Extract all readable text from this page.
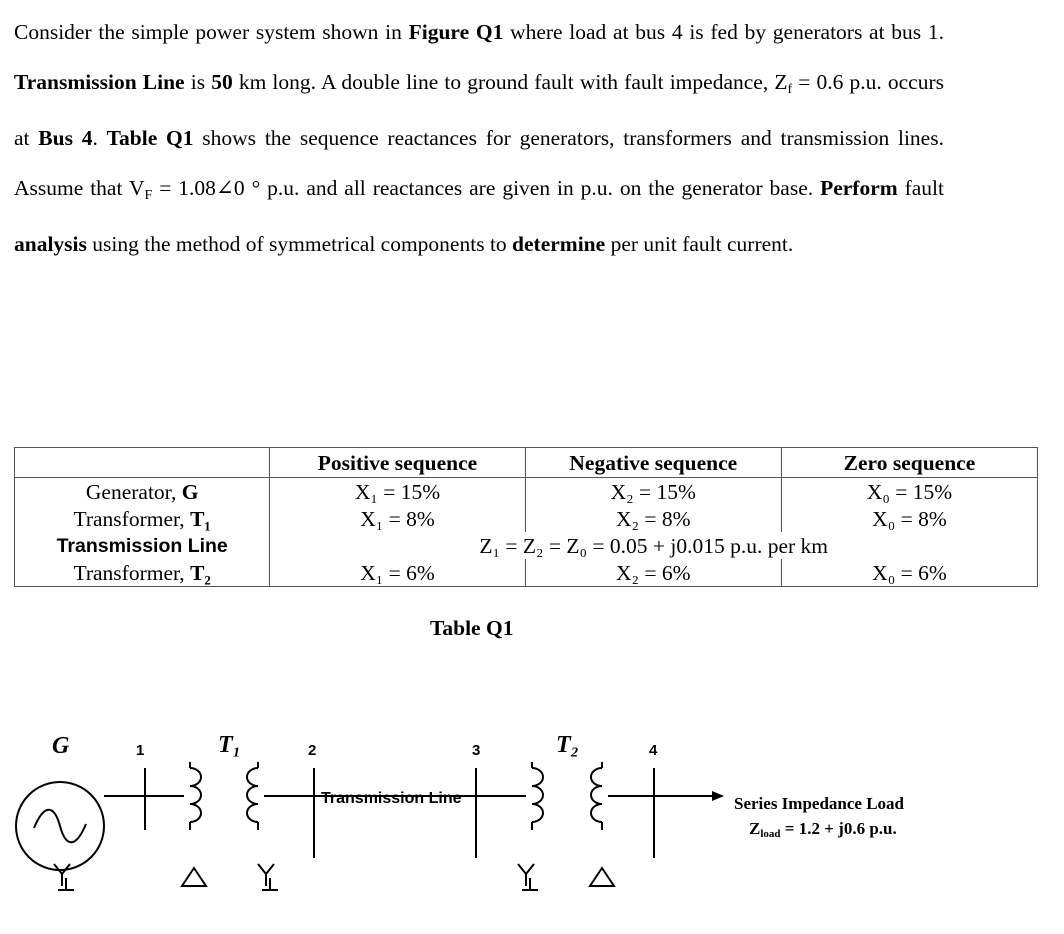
Consider the simple power system shown in Figure Q1 where load at bus 4 is fed by generators at bus 1. Transmission Line is 50 km long. A double line to ground fault with fault impedance, $Z_f = 0.6$ p.u. occurs at Bus 4. Table Q1 shows the sequence reactances for generators, transformers and transmission lines. Assume that $V_F$ = 1.08∠0 ° p.u. and all reactances are given in p.u. on the generator base. Perform fault analysis using the method of symmetrical components to determine per unit fault current.
	Positive sequence	Negative sequence	Zero sequence
Generator, G	X₁ = 15%	X₂ = 15%	X₀ = 15%
Transformer, T₁	X₁ = 8%	X₂ = 8%	X₀ = 8%
Transmission Line	Z₁ = Z₂ = Z₀ = 0.05 + j0.015 p.u. per km		
Transformer, T₂	X₁ = 6%	X₂ = 6%	X₀ = 6%
Table Q1
G	T₁	T₂
1	2	3	4
Transmission Line	Series Impedance Load
Zload = 1.2 + j0.6 p.u.
